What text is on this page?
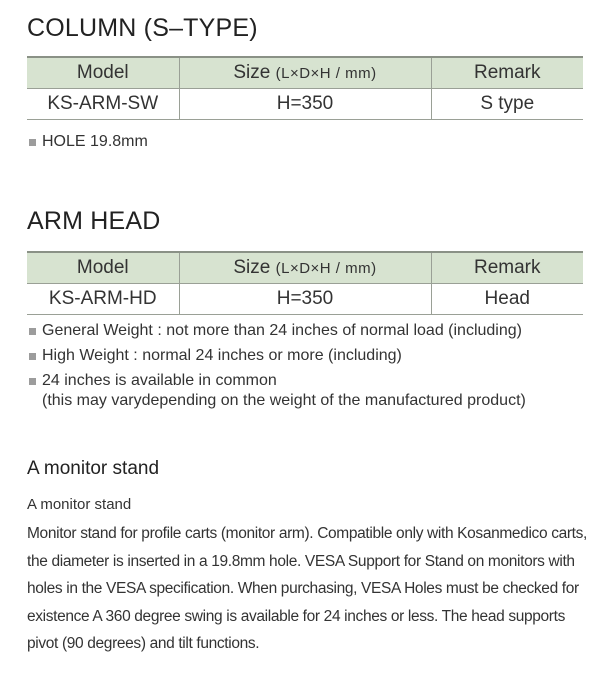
COLUMN (S–TYPE)
Model	Size (L×D×H / mm)	Remark
KS-ARM-SW	H=350	S type
HOLE 19.8mm
ARM HEAD
Model	Size (L×D×H / mm)	Remark
KS-ARM-HD	H=350	Head
General Weight : not more than 24 inches of normal load (including)
High Weight : normal 24 inches or more (including)
24 inches is available in common
(this may varydepending on the weight of the manufactured product)
A monitor stand

A monitor stand

Monitor stand for profile carts (monitor arm). Compatible only with Kosanmedico carts, the diameter is inserted in a 19.8mm hole. VESA Support for Stand on monitors with holes in the VESA specification. When purchasing, VESA Holes must be checked for existence A 360 degree swing is available for 24 inches or less. The head supports pivot (90 degrees) and tilt functions.
